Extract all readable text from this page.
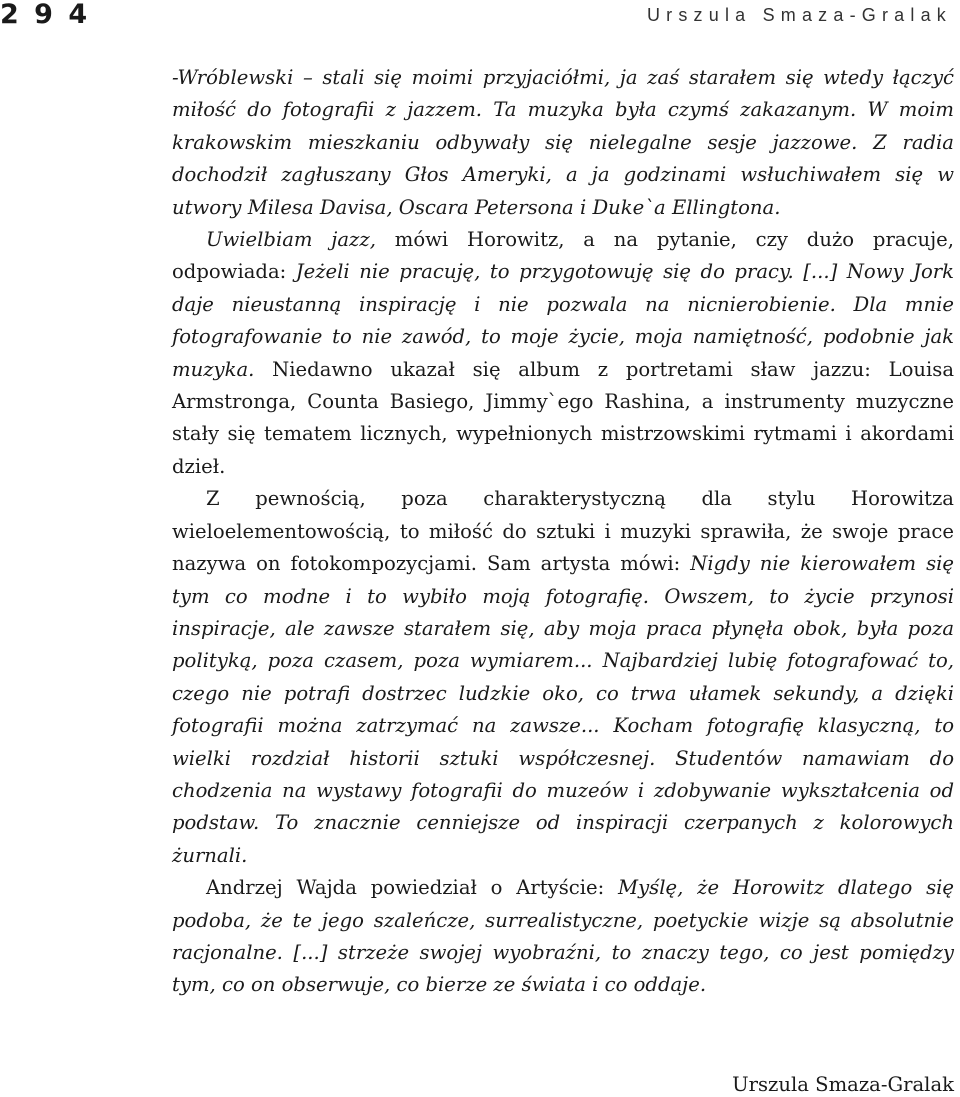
2 9 4	Urszula Smaza-Gralak

-Wróblewski – stali się moimi przyjaciółmi, ja zaś starałem się wtedy łączyć miłość do fotografii z jazzem. Ta muzyka była czymś zakazanym. W moim krakowskim mieszkaniu odbywały się nielegalne sesje jazzowe. Z radia dochodził zagłuszany Głos Ameryki, a ja godzinami wsłuchiwałem się w utwory Milesa Davisa, Oscara Petersona i Duke`a Ellingtona.

Uwielbiam jazz, mówi Horowitz, a na pytanie, czy dużo pracuje, odpowiada: Jeżeli nie pracuję, to przygotowuję się do pracy. [...] Nowy Jork daje nieustanną inspirację i nie pozwala na nicnierobienie. Dla mnie fotografowanie to nie zawód, to moje życie, moja namiętność, podobnie jak muzyka. Niedawno ukazał się album z portretami sław jazzu: Louisa Armstronga, Counta Basiego, Jimmy`ego Rashina, a instrumenty muzyczne stały się tematem licznych, wypełnionych mistrzowskimi rytmami i akordami dzieł.

Z pewnością, poza charakterystyczną dla stylu Horowitza wieloelementowością, to miłość do sztuki i muzyki sprawiła, że swoje prace nazywa on fotokompozycjami. Sam artysta mówi: Nigdy nie kierowałem się tym co modne i to wybiło moją fotografię. Owszem, to życie przynosi inspiracje, ale zawsze starałem się, aby moja praca płynęła obok, była poza polityką, poza czasem, poza wymiarem... Najbardziej lubię fotografować to, czego nie potrafi dostrzec ludzkie oko, co trwa ułamek sekundy, a dzięki fotografii można zatrzymać na zawsze... Kocham fotografię klasyczną, to wielki rozdział historii sztuki współczesnej. Studentów namawiam do chodzenia na wystawy fotografii do muzeów i zdobywanie wykształcenia od podstaw. To znacznie cenniejsze od inspiracji czerpanych z kolorowych żurnali.

Andrzej Wajda powiedział o Artyście: Myślę, że Horowitz dlatego się podoba, że te jego szaleńcze, surrealistyczne, poetyckie wizje są absolutnie racjonalne. [...] strzeże swojej wyobraźni, to znaczy tego, co jest pomiędzy tym, co on obserwuje, co bierze ze świata i co oddaje.

Urszula Smaza-Gralak
